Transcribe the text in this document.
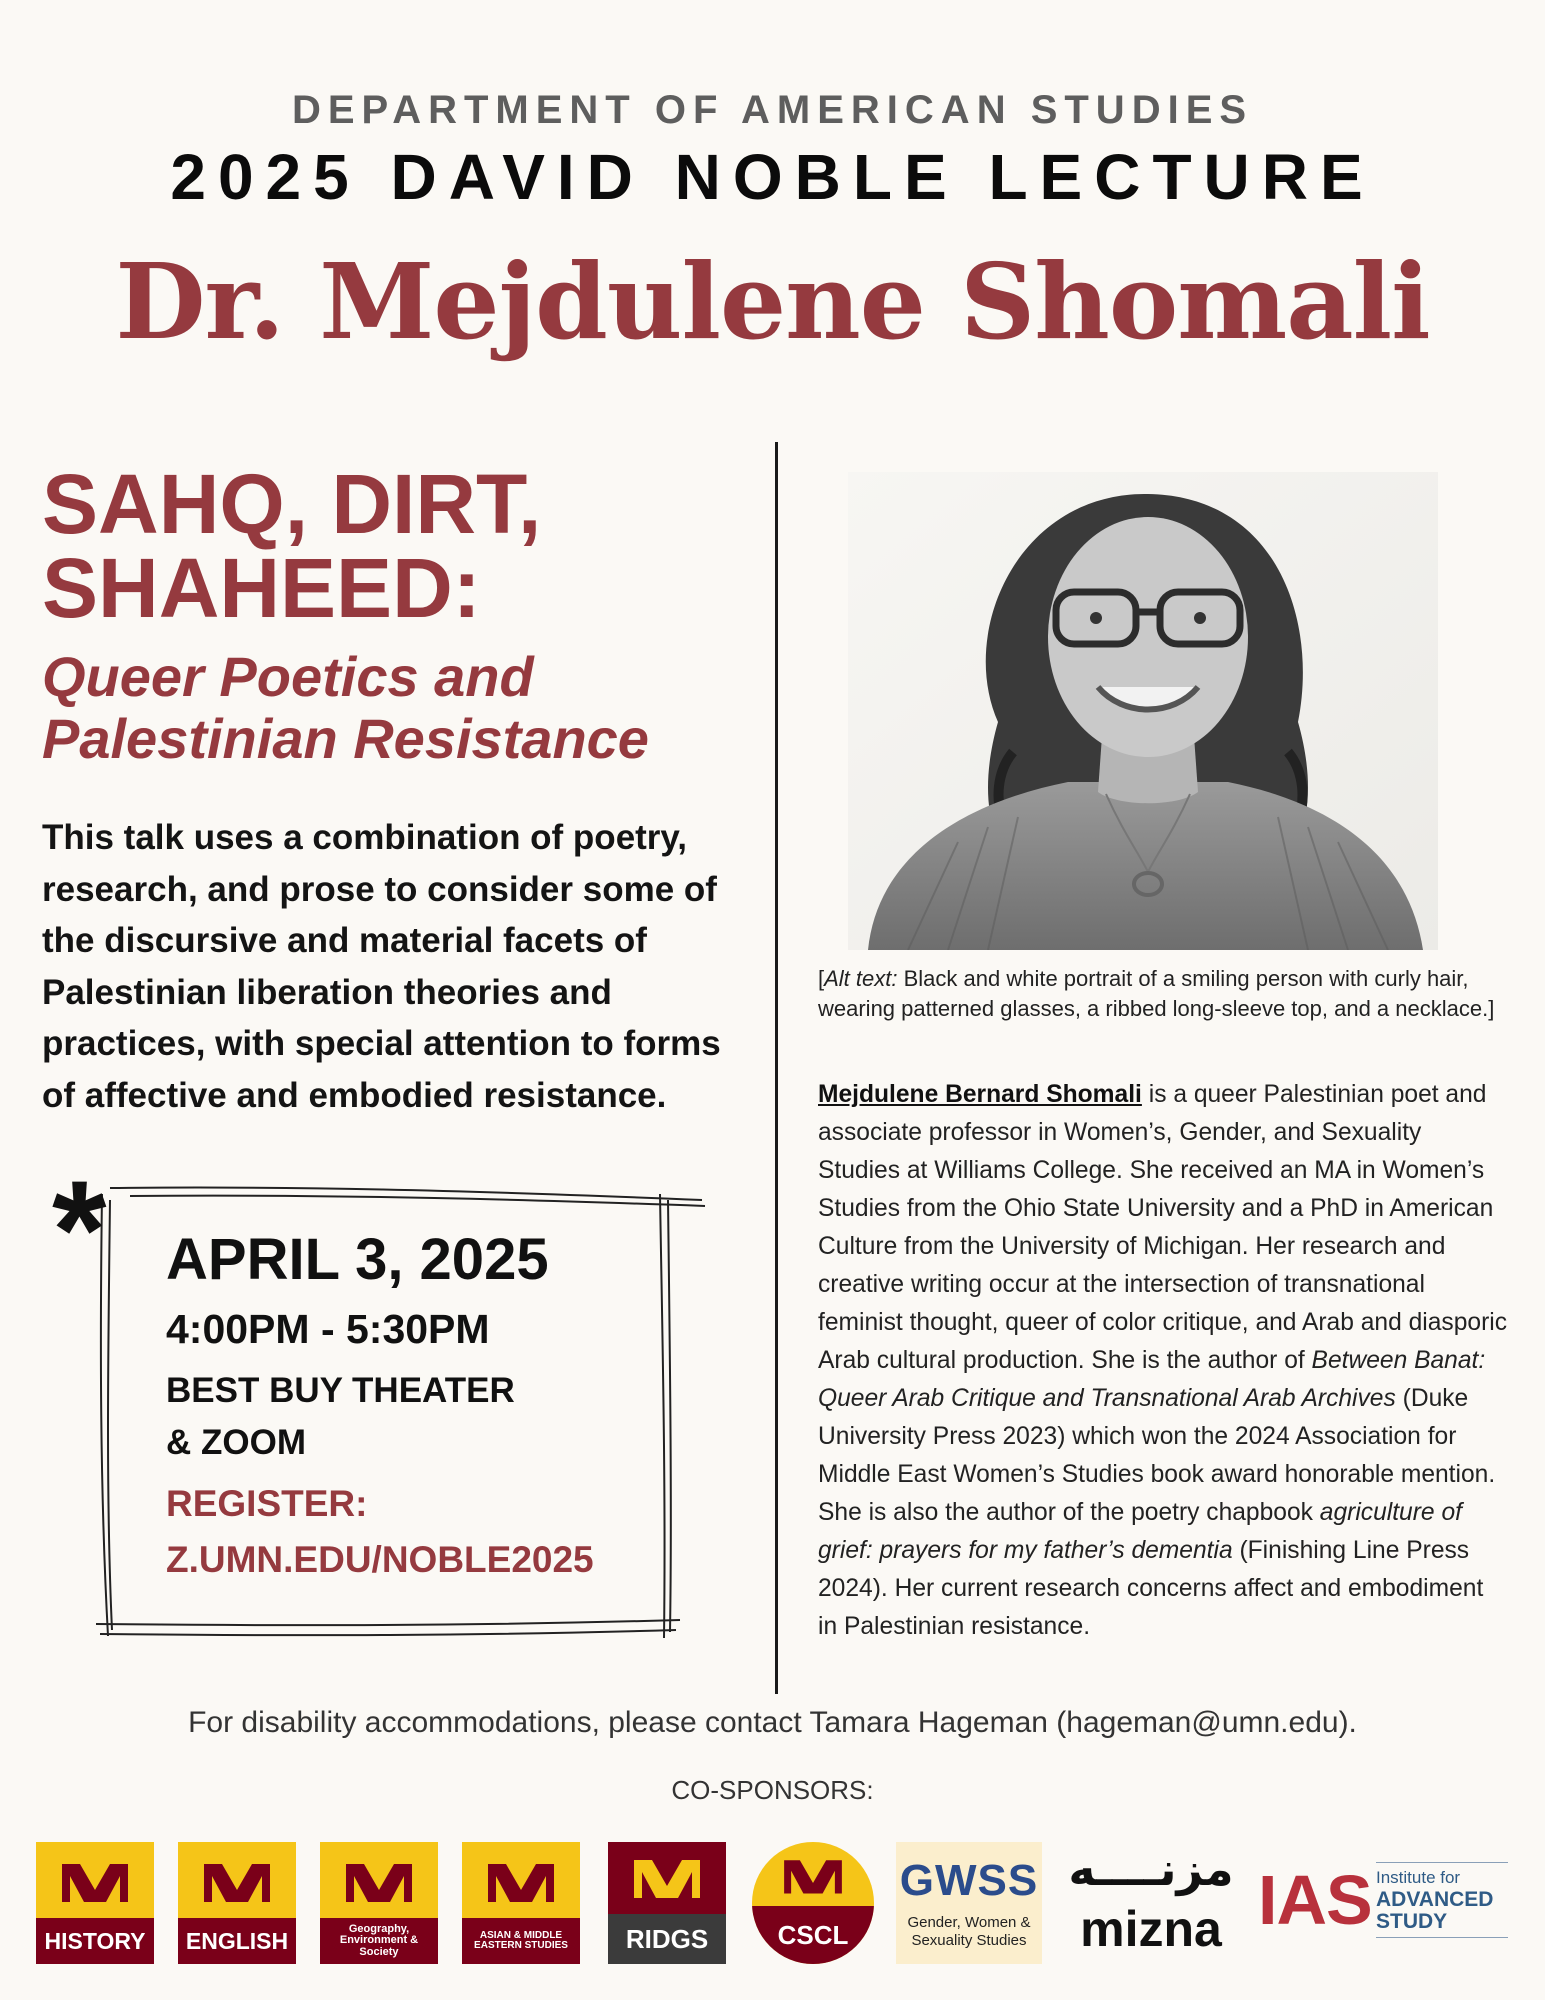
DEPARTMENT OF AMERICAN STUDIES
2025 DAVID NOBLE LECTURE
Dr. Mejdulene Shomali
SAHQ, DIRT,
SHAHEED:
Queer Poetics and
Palestinian Resistance
This talk uses a combination of poetry,
research, and prose to consider some of
the discursive and material facets of
Palestinian liberation theories and
practices, with special attention to forms
of affective and embodied resistance.
* APRIL 3, 2025
4:00PM - 5:30PM
BEST BUY THEATER
& ZOOM
REGISTER:
Z.UMN.EDU/NOBLE2025
[Alt text: Black and white portrait of a smiling person with curly hair, wearing patterned glasses, a ribbed long-sleeve top, and a necklace.]
Mejdulene Bernard Shomali is a queer Palestinian poet and associate professor in Women’s, Gender, and Sexuality Studies at Williams College. She received an MA in Women’s Studies from the Ohio State University and a PhD in American Culture from the University of Michigan. Her research and creative writing occur at the intersection of transnational feminist thought, queer of color critique, and Arab and diasporic Arab cultural production. She is the author of Between Banat: Queer Arab Critique and Transnational Arab Archives (Duke University Press 2023) which won the 2024 Association for Middle East Women’s Studies book award honorable mention. She is also the author of the poetry chapbook agriculture of grief: prayers for my father’s dementia (Finishing Line Press 2024). Her current research concerns affect and embodiment in Palestinian resistance.
For disability accommodations, please contact Tamara Hageman (hageman@umn.edu).
CO-SPONSORS:
HISTORY	ENGLISH	Geography, Environment & Society
ASIAN & MIDDLE EASTERN STUDIES	RIDGS	CSCL
GWSS
Gender, Women & Sexuality Studies
مزنــــه
mizna IAS Institute for
ADVANCED
STUDY
